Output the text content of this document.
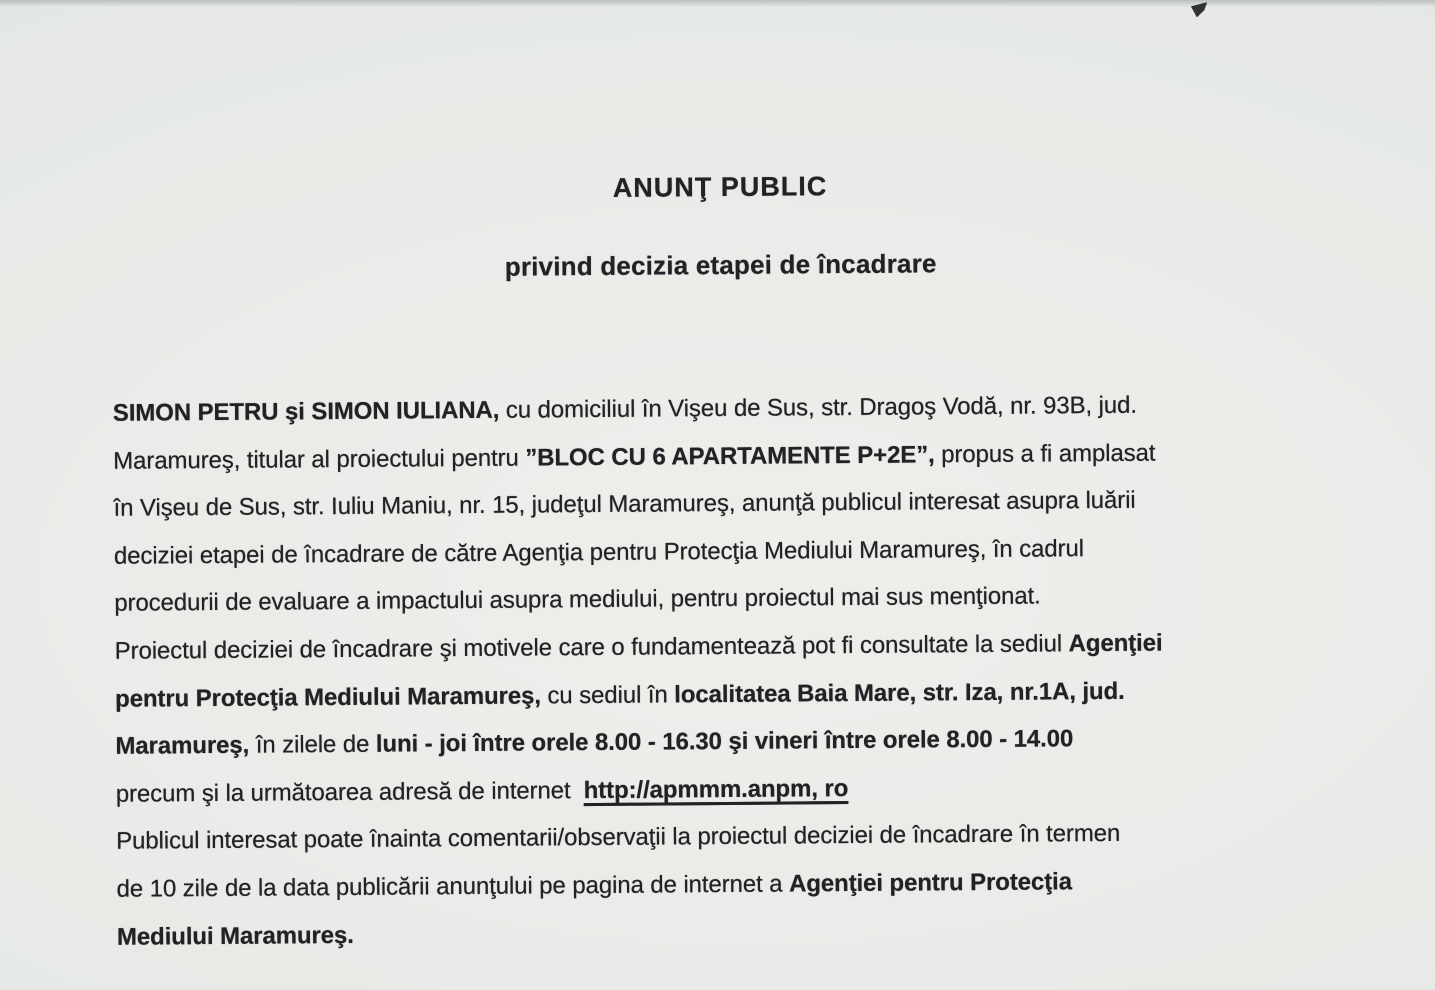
ANUNŢ PUBLIC
privind decizia etapei de încadrare
SIMON PETRU şi SIMON IULIANA, cu domiciliul în Vişeu de Sus, str. Dragoş Vodă, nr. 93B, jud.
Maramureş, titular al proiectului pentru ”BLOC CU 6 APARTAMENTE P+2E”, propus a fi amplasat
în Vişeu de Sus, str. Iuliu Maniu, nr. 15, judeţul Maramureş, anunţă publicul interesat asupra luării
deciziei etapei de încadrare de către Agenţia pentru Protecţia Mediului Maramureş, în cadrul
procedurii de evaluare a impactului asupra mediului, pentru proiectul mai sus menţionat.
Proiectul deciziei de încadrare şi motivele care o fundamentează pot fi consultate la sediul Agenţiei
pentru Protecţia Mediului Maramureş, cu sediul în localitatea Baia Mare, str. Iza, nr.1A, jud.
Maramureş, în zilele de luni - joi între orele 8.00 - 16.30 şi vineri între orele 8.00 - 14.00
precum şi la următoarea adresă de internet  http://apmmm.anpm, ro
Publicul interesat poate înainta comentarii/observaţii la proiectul deciziei de încadrare în termen
de 10 zile de la data publicării anunţului pe pagina de internet a Agenţiei pentru Protecţia
Mediului Maramureş.
